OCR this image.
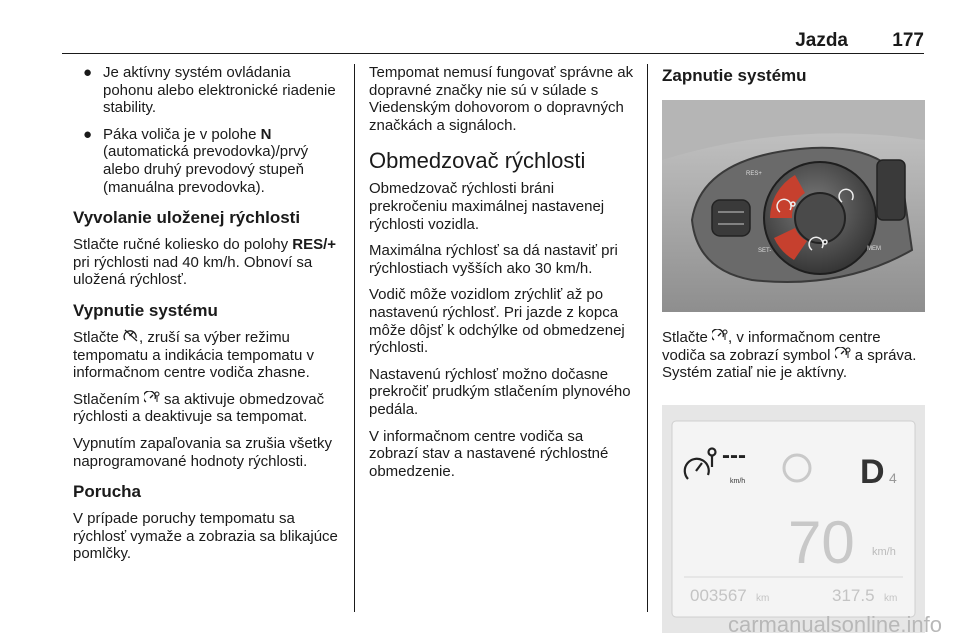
Jazda 177
● Je aktívny systém ovládania pohonu alebo elektronické riadenie stability.
● Páka voliča je v polohe N (automatická prevodovka)/prvý alebo druhý prevodový stupeň (manuálna prevodovka).
Vyvolanie uloženej rýchlosti

Stlačte ručné koliesko do polohy RES/+ pri rýchlosti nad 40 km/h. Obnoví sa uložená rýchlosť.

Vypnutie systému

Stlačte , zruší sa výber režimu tempomatu a indikácia tempomatu v informačnom centre vodiča zhasne.

Stlačením  sa aktivuje obmedzovač rýchlosti a deaktivuje sa tempomat.

Vypnutím zapaľovania sa zrušia všetky naprogramované hodnoty rýchlosti.

Porucha

V prípade poruchy tempomatu sa rýchlosť vymaže a zobrazia sa blikajúce pomlčky.

Tempomat nemusí fungovať správne ak dopravné značky nie sú v súlade s Viedenským dohovorom o dopravných značkách a signáloch.

Obmedzovač rýchlosti

Obmedzovač rýchlosti bráni prekročeniu maximálnej nastavenej rýchlosti vozidla.

Maximálna rýchlosť sa dá nastaviť pri rýchlostiach vyšších ako 30 km/h.

Vodič môže vozidlom zrýchliť až po nastavenú rýchlosť. Pri jazde z kopca môže dôjsť k odchýlke od obmedzenej rýchlosti.

Nastavenú rýchlosť možno dočasne prekročiť prudkým stlačením plynového pedála.

V informačnom centre vodiča sa zobrazí stav a nastavené rýchlostné obmedzenie.

Zapnutie systému
RES+
SET-	MEM

Stlačte , v informačnom centre vodiča sa zobrazí symbol  a správa. Systém zatiaľ nie je aktívny.

---
km/h	D 4
70 km/h
003567 km	317.5 km
carmanualsonline.info
